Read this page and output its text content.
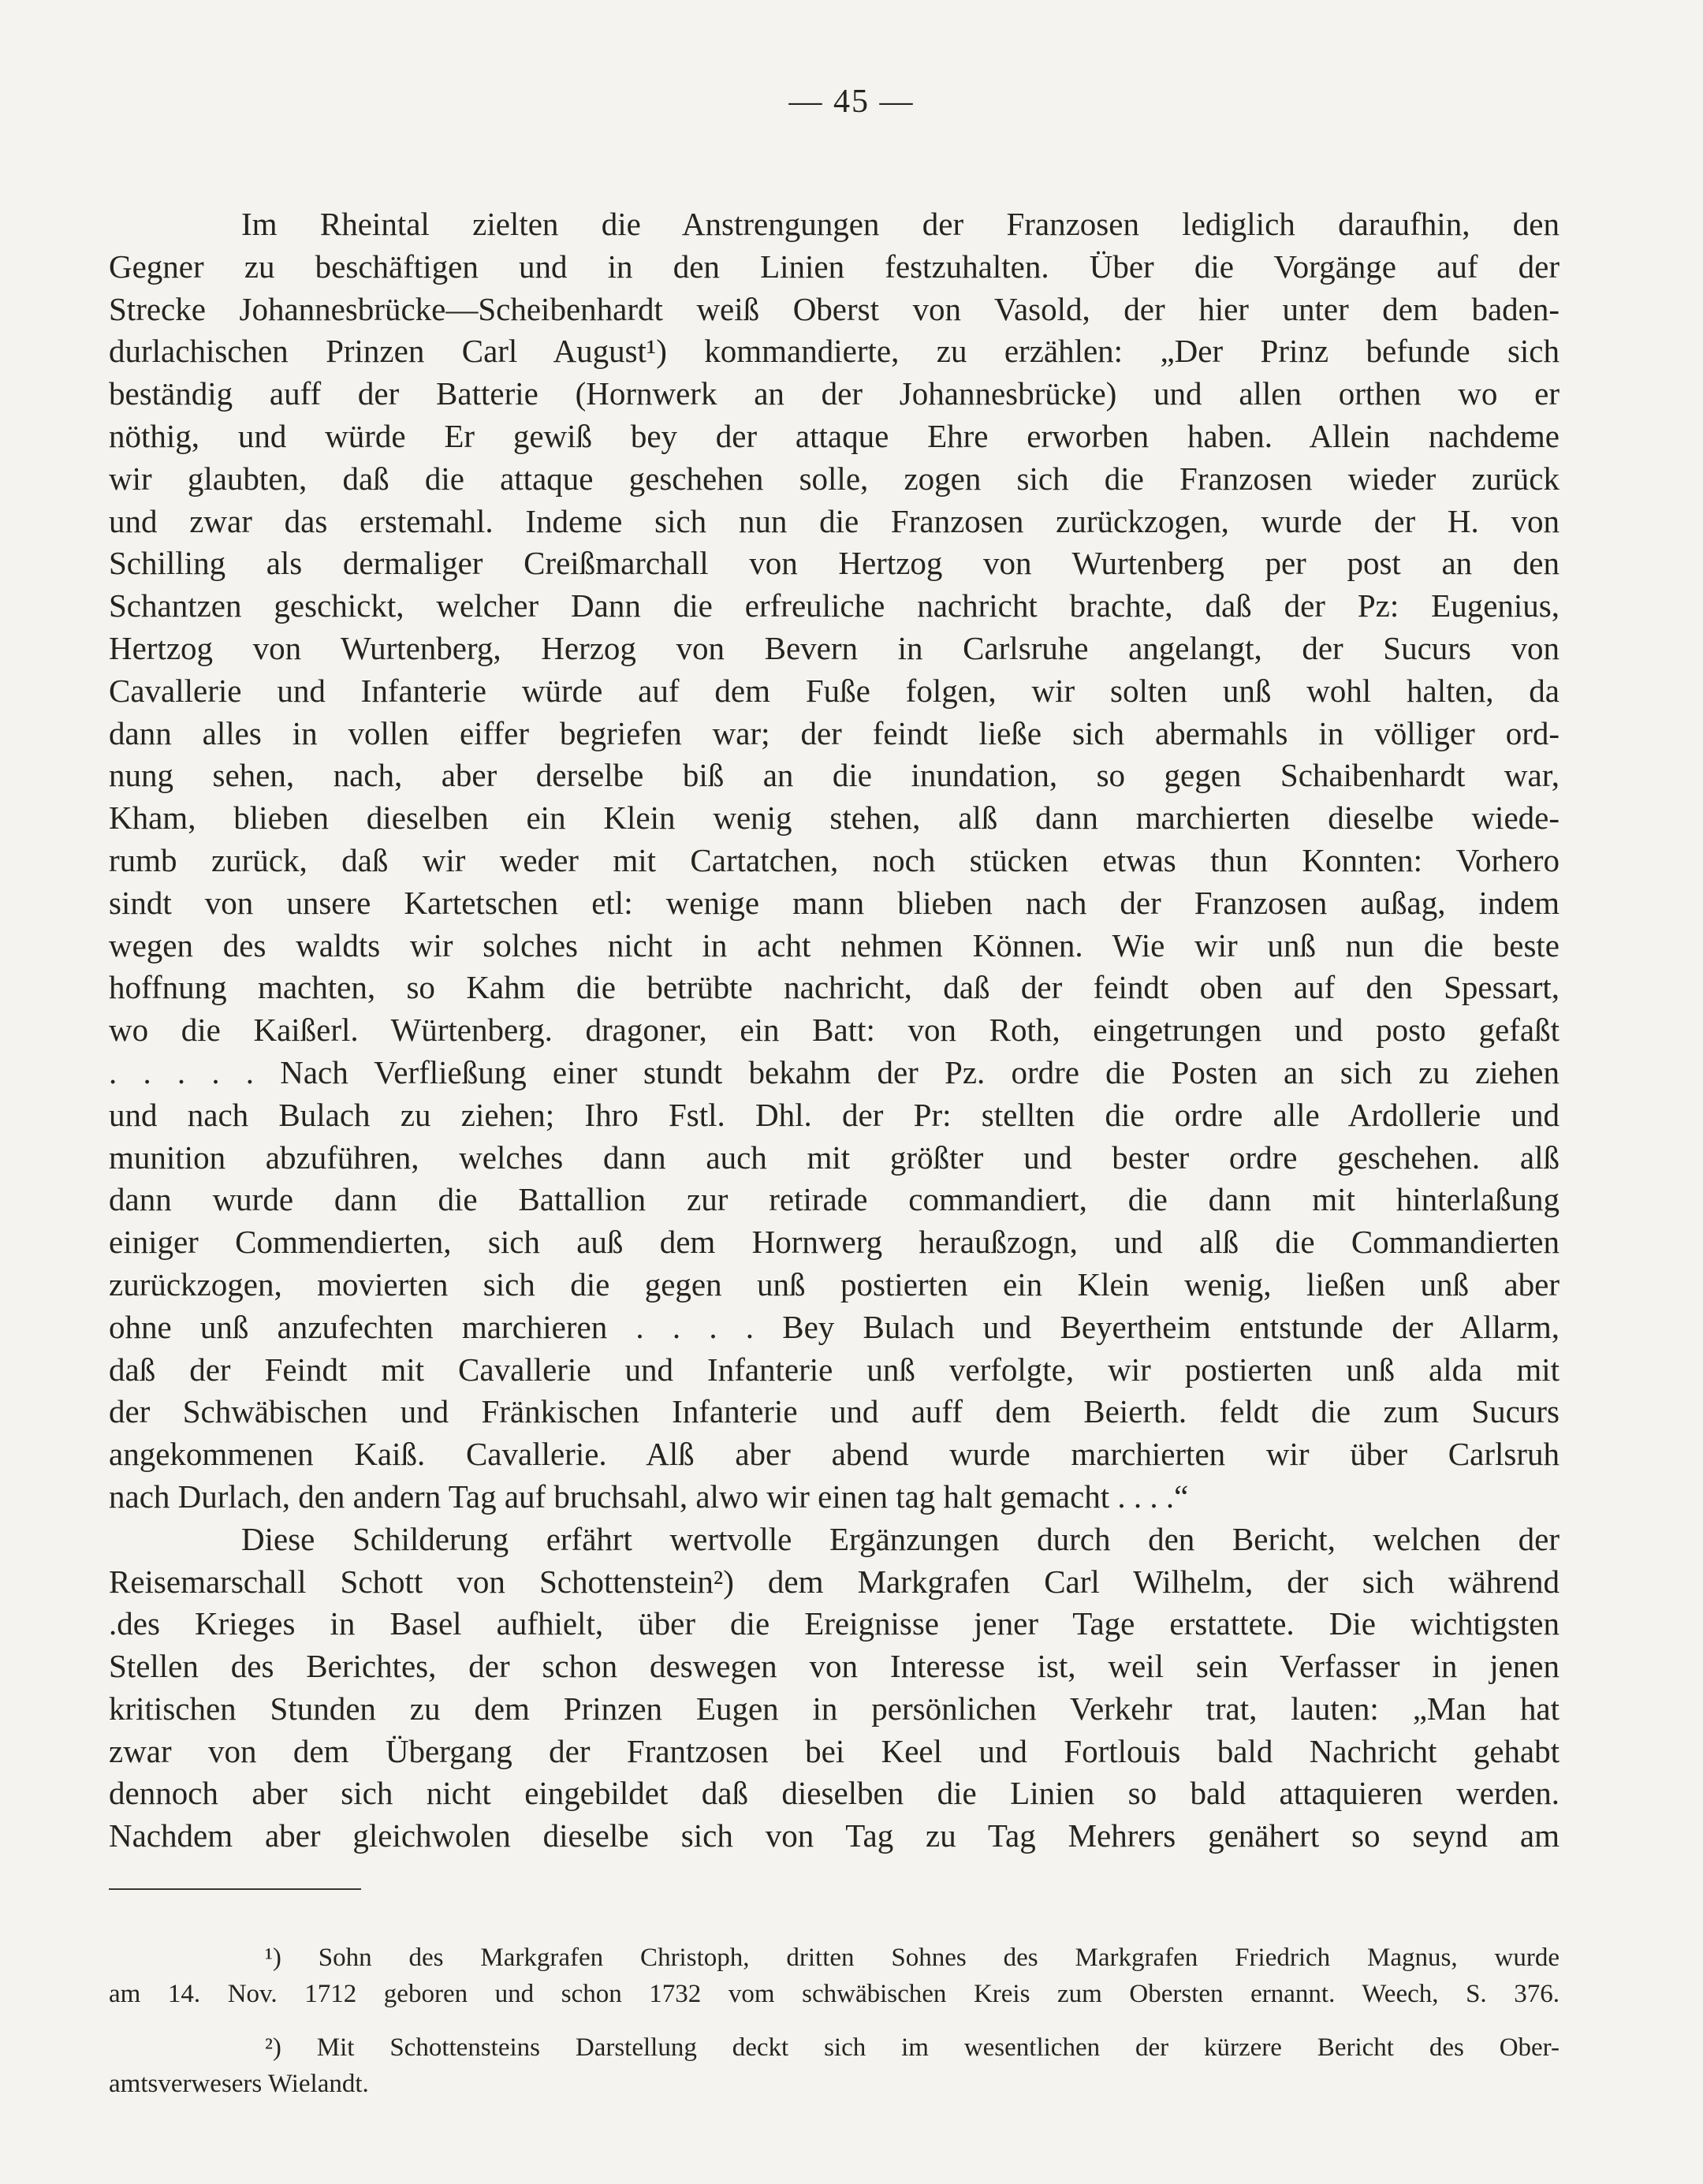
— 45 —
Im Rheintal zielten die Anstrengungen der Franzosen lediglich daraufhin, den
Gegner zu beschäftigen und in den Linien festzuhalten. Über die Vorgänge auf der
Strecke Johannesbrücke—Scheibenhardt weiß Oberst von Vasold, der hier unter dem baden-
durlachischen Prinzen Carl August¹) kommandierte, zu erzählen: „Der Prinz befunde sich
beständig auff der Batterie (Hornwerk an der Johannesbrücke) und allen orthen wo er
nöthig, und würde Er gewiß bey der attaque Ehre erworben haben. Allein nachdeme
wir glaubten, daß die attaque geschehen solle, zogen sich die Franzosen wieder zurück
und zwar das erstemahl. Indeme sich nun die Franzosen zurückzogen, wurde der H. von
Schilling als dermaliger Creißmarchall von Hertzog von Wurtenberg per post an den
Schantzen geschickt, welcher Dann die erfreuliche nachricht brachte, daß der Pz: Eugenius,
Hertzog von Wurtenberg, Herzog von Bevern in Carlsruhe angelangt, der Sucurs von
Cavallerie und Infanterie würde auf dem Fuße folgen, wir solten unß wohl halten, da
dann alles in vollen eiffer begriefen war; der feindt ließe sich abermahls in völliger ord-
nung sehen, nach, aber derselbe biß an die inundation, so gegen Schaibenhardt war,
Kham, blieben dieselben ein Klein wenig stehen, alß dann marchierten dieselbe wiede-
rumb zurück, daß wir weder mit Cartatchen, noch stücken etwas thun Konnten: Vorhero
sindt von unsere Kartetschen etl: wenige mann blieben nach der Franzosen außag, indem
wegen des waldts wir solches nicht in acht nehmen Können. Wie wir unß nun die beste
hoffnung machten, so Kahm die betrübte nachricht, daß der feindt oben auf den Spessart,
wo die Kaißerl. Würtenberg. dragoner, ein Batt: von Roth, eingetrungen und posto gefaßt
. . . . . Nach Verfließung einer stundt bekahm der Pz. ordre die Posten an sich zu ziehen
und nach Bulach zu ziehen; Ihro Fstl. Dhl. der Pr: stellten die ordre alle Ardollerie und
munition abzuführen, welches dann auch mit größter und bester ordre geschehen. alß
dann wurde dann die Battallion zur retirade commandiert, die dann mit hinterlaßung
einiger Commendierten, sich auß dem Hornwerg heraußzogn, und alß die Commandierten
zurückzogen, movierten sich die gegen unß postierten ein Klein wenig, ließen unß aber
ohne unß anzufechten marchieren . . . . Bey Bulach und Beyertheim entstunde der Allarm,
daß der Feindt mit Cavallerie und Infanterie unß verfolgte, wir postierten unß alda mit
der Schwäbischen und Fränkischen Infanterie und auff dem Beierth. feldt die zum Sucurs
angekommenen Kaiß. Cavallerie. Alß aber abend wurde marchierten wir über Carlsruh
nach Durlach, den andern Tag auf bruchsahl, alwo wir einen tag halt gemacht . . . .“
Diese Schilderung erfährt wertvolle Ergänzungen durch den Bericht, welchen der
Reisemarschall Schott von Schottenstein²) dem Markgrafen Carl Wilhelm, der sich während
.des Krieges in Basel aufhielt, über die Ereignisse jener Tage erstattete. Die wichtigsten
Stellen des Berichtes, der schon deswegen von Interesse ist, weil sein Verfasser in jenen
kritischen Stunden zu dem Prinzen Eugen in persönlichen Verkehr trat, lauten: „Man hat
zwar von dem Übergang der Frantzosen bei Keel und Fortlouis bald Nachricht gehabt
dennoch aber sich nicht eingebildet daß dieselben die Linien so bald attaquieren werden.
Nachdem aber gleichwolen dieselbe sich von Tag zu Tag Mehrers genähert so seynd am
¹) Sohn des Markgrafen Christoph, dritten Sohnes des Markgrafen Friedrich Magnus, wurde
am 14. Nov. 1712 geboren und schon 1732 vom schwäbischen Kreis zum Obersten ernannt. Weech, S. 376.
²) Mit Schottensteins Darstellung deckt sich im wesentlichen der kürzere Bericht des Ober-
amtsverwesers Wielandt.
